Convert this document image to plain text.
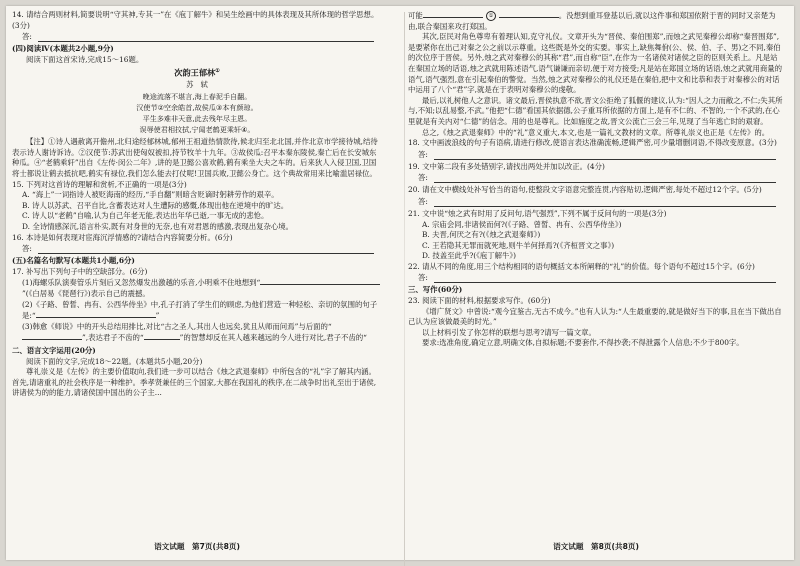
14. 请结合两则材料,简要说明“守其神,专其一”在《庖丁解牛》和吴生绘画中的具体表现及其所体现的哲学思想。(3分)

答:

(四)阅读Ⅳ(本题共2小题,9分)

阅读下面这首宋诗,完成15～16题。

次韵王郁林①

苏　轼

晚途流落不堪言,海上春泥手自翻。
汉使节②空余皓首,故侯瓜③本有颜琼。
平生多难非天意,此去残年尽主恩。
误辱使君相抆拭,宁闻老鹤更乘轩④。

【注】①诗人遇赦离开儋州,北归途经郁林城,郁州王祖道热情款待,候北归至北北国,并作北京市学接待城,结待表示诗人谢诗诉诗。②汉使节:苏武出使匈奴被扣,持节牧羊十九年。③故侯瓜:召平本秦东陵侯,秦亡后在长安城东种瓜。④“老鹤乘轩”出自《左传·闵公二年》,讲的是卫懿公喜欢鹤,鹤有乘坐大夫之车的。后来狄人入侵卫国,卫国将士都说让鹤去抵抗吧,鹤实有禄位,我们怎么能去打仗呢!卫国兵败,卫懿公身亡。这个典故常用来比喻滥居禄位。

15. 下列对这首诗的理解和赏析,不正确的一项是(3分)

A. “海上”一词指诗人被贬海南的经历,“手自翻”则暗含贬谪时躬耕劳作的艰辛。

B. 诗人以苏武、召平自比,含蓄表达对人生遭际的感慨,体现出他在逆境中的旷达。

C. 诗人以“老鹤”自喻,认为自己年老无能,表达出年华已逝,一事无成的悲怆。

D. 全诗情感深沉,语言朴实,既有对身世的无奈,也有对君恩的感激,表现出复杂心境。

16. 本诗是如何表现对宦海沉浮情感的?请结合内容简要分析。(6分)

答:

(五)名篇名句默写(本题共1小题,6分)

17. 补写出下列句子中的空缺部分。(6分)

(1)海螺乐队演奏管乐片刻后又忽然爆发出激越的乐音,小明乘不住地想到“”(《白居易《琵琶行》)表示自己的震撼。

(2)《子路、曾皙、冉有、公西华侍坐》中,孔子打消了学生们的顾虑,为他们营造一种轻松、亲切的氛围的句子是:“	”

(3)韩愈《师说》中的开头总结用排比,对比“古之圣人,其出人也远矣,犹且从师而问焉”与后面的“”,表达君子不齿的“	”的智慧却反在其人越来越远的今人进行对比,君子不齿的“

二、语言文字运用(20分)

阅读下面的文字,完成18～22题。(本题共5小题,20分)

尊礼崇义是《左传》的主要价值取向,我们进一步可以结合《烛之武退秦师》中所包含的“礼”字了解其内涵。首先,请诸重礼的社会秩序是一种维护。季孝贤兼任的三个国家,大都在我国礼的秩序,在二战争时出礼至出于诸侯,讲诸侯为的的能力,请诸侯国中国出的公子主...

语文试题　第7页(共8页)

可能	①	。没想到重耳登基以后,就以这件事和郑国依附于晋的同时又亲楚为由,联合秦国来攻打郑国。

其次,臣民对角色尊卑有着理认知,克守礼仪。文章开头为“晋侯、秦伯围郑”,而烛之武见秦穆公却称“秦晋围郑”,是要紧你在出己对秦之公之前以示尊重。这些既是外交的实要。事实上,缺焦舞佾(公、侯、伯、子、男)之不同,秦伯的次位序于晋侯。另外,烛之武对秦穆公的其称“君”,而自称“臣”,在作为一名诸侯对诸侯之臣的臣则关系上。凡是站在秦国立场的话语,烛之武就用陈述语气,语气谦谦而亲切,便于对方接受;凡是站在郑国立场的话语,烛之武就用商量的语气,语气强烈,意在引起秦伯的警觉。当然,烛之武对秦穆公的礼仪还是在秦伯,把中文和比恭和表于对秦穆公的对话中运用了八个“君”字,就是在于表明对秦穆公的虔敬。

最后,以礼树他人之意识。诸文最后,晋侯执意不欲,晋文公拒绝了狐偃的建议,认为:“因人之力而敝之,不仁;失其所与,不知;以乱易整,不武。”他把“仁德”看国其依据德,公子重耳所依据的方面上,是有不仁的、不智的,一个不武的,在心里就是有关内对“仁德”的信念。用的也是尊礼。比如施度之故,晋文公流亡三会三年,见现了当年逃亡时的艰窘。

总之,《烛之武退秦师》中的“礼”意义重大,本文,也是一篇礼文教材的文章。所尊礼崇义也正是《左传》的。

18. 文中画波浪线的句子有语病,请进行修改,使语言表达准确流畅,逻辑严密,可少量增删词语,不得改变原意。(3分)

答:

19. 文中第二段有多处错别字,请找出两处并加以改正。(4分)

答:

20. 请在文中横线处补写恰当的语句,使整段文字语意完整连贯,内容贴切,逻辑严密,每处不超过12个字。(5分)

答:

21. 文中说“烛之武有时用了反问句,语气强烈”,下列不属于反问句的一项是(3分)

A. 宗庙会同,非诸侯而何?(《子路、曾皙、冉有、公西华侍坐》)

B. 夫晋,何厌之有?(《烛之武退秦师》)

C. 王若隐其无罪而就死地,则牛羊何择焉?(《齐桓晋文之事》)

D. 技盖至此乎?(《庖丁解牛》)

22. 请从不同的角度,用三个结构相同的语句概括文本所阐释的“礼”的价值。每个语句不超过15个字。(6分)

答:

三、写作(60分)

23. 阅读下面的材料,根据要求写作。(60分)

《增广贤文》中曾说:“观今宜鉴古,无古不成今。”也有人认为:“人生最重要的,就是做好当下的事,且在当下做出自己认为应该做最美的时光。”

以上材料引发了你怎样的联想与思考?请写一篇文章。

要求:选准角度,确定立意,明确文体,自拟标题;不要套作,不得抄袭;不得泄露个人信息;不少于800字。

语文试题　第8页(共8页)
